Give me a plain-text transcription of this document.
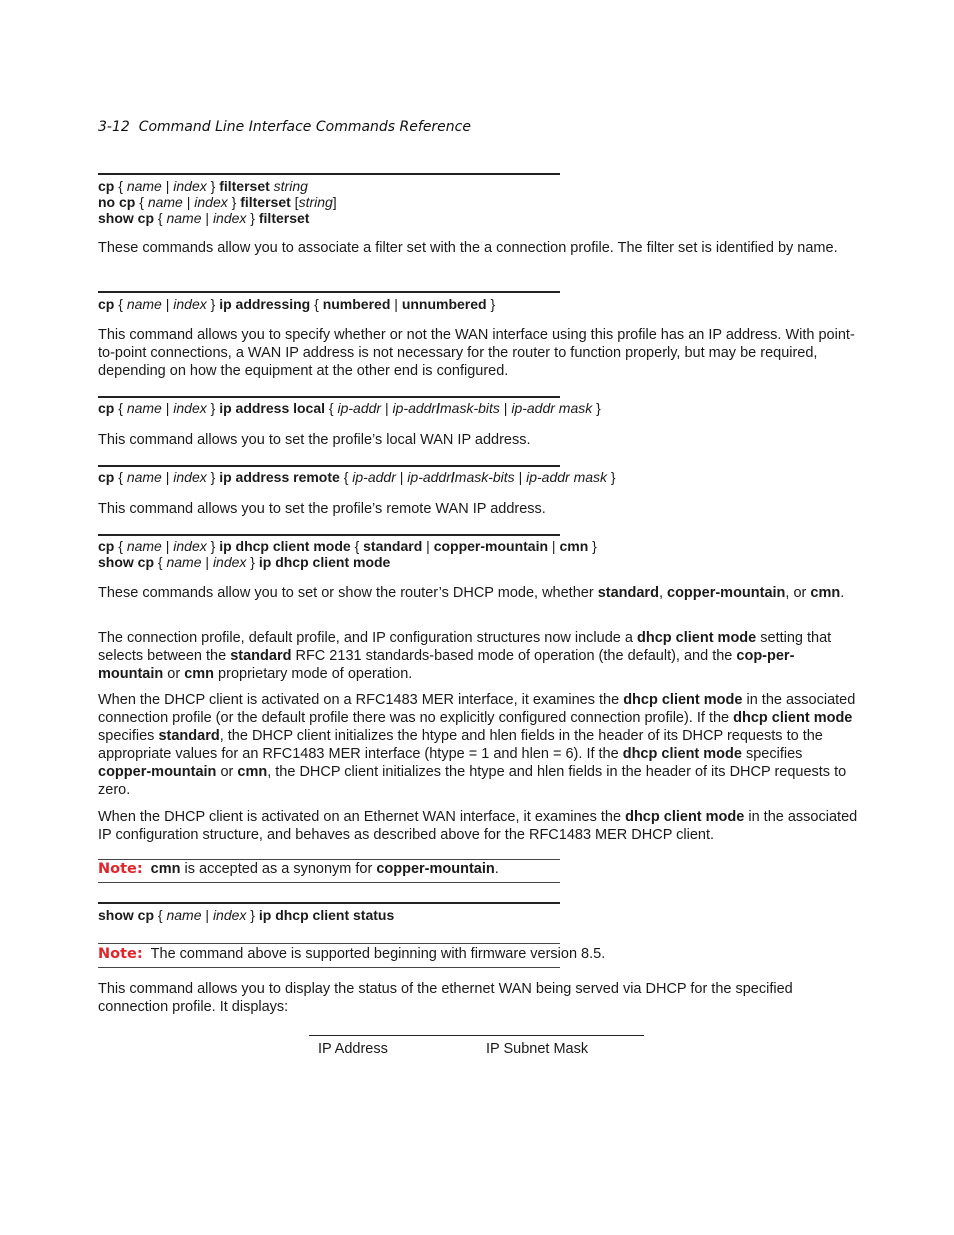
3-12 Command Line Interface Commands Reference
cp { name | index } filterset string
no cp { name | index } filterset [string]
show cp { name | index } filterset
These commands allow you to associate a filter set with the a connection profile. The filter set is identified by name.
cp { name | index } ip addressing { numbered | unnumbered }
This command allows you to specify whether or not the WAN interface using this profile has an IP address. With point-to-point connections, a WAN IP address is not necessary for the router to function properly, but may be required, depending on how the equipment at the other end is configured.
cp { name | index } ip address local { ip-addr | ip-addr/mask-bits | ip-addr mask }
This command allows you to set the profile’s local WAN IP address.
cp { name | index } ip address remote { ip-addr | ip-addr/mask-bits | ip-addr mask }
This command allows you to set the profile’s remote WAN IP address.
cp { name | index } ip dhcp client mode { standard | copper-mountain | cmn }
show cp { name | index } ip dhcp client mode
These commands allow you to set or show the router’s DHCP mode, whether standard, copper-mountain, or cmn.
The connection profile, default profile, and IP configuration structures now include a dhcp client mode setting that selects between the standard RFC 2131 standards-based mode of operation (the default), and the cop-per-mountain or cmn proprietary mode of operation.
When the DHCP client is activated on a RFC1483 MER interface, it examines the dhcp client mode in the associated connection profile (or the default profile there was no explicitly configured connection profile). If the dhcp client mode specifies standard, the DHCP client initializes the htype and hlen fields in the header of its DHCP requests to the appropriate values for an RFC1483 MER interface (htype = 1 and hlen = 6). If the dhcp client mode specifies copper-mountain or cmn, the DHCP client initializes the htype and hlen fields in the header of its DHCP requests to zero.
When the DHCP client is activated on an Ethernet WAN interface, it examines the dhcp client mode in the associated IP configuration structure, and behaves as described above for the RFC1483 MER DHCP client.
Note: cmn is accepted as a synonym for copper-mountain.
show cp { name | index } ip dhcp client status
Note: The command above is supported beginning with firmware version 8.5.
This command allows you to display the status of the ethernet WAN being served via DHCP for the specified connection profile. It displays:
IP Address	IP Subnet Mask
